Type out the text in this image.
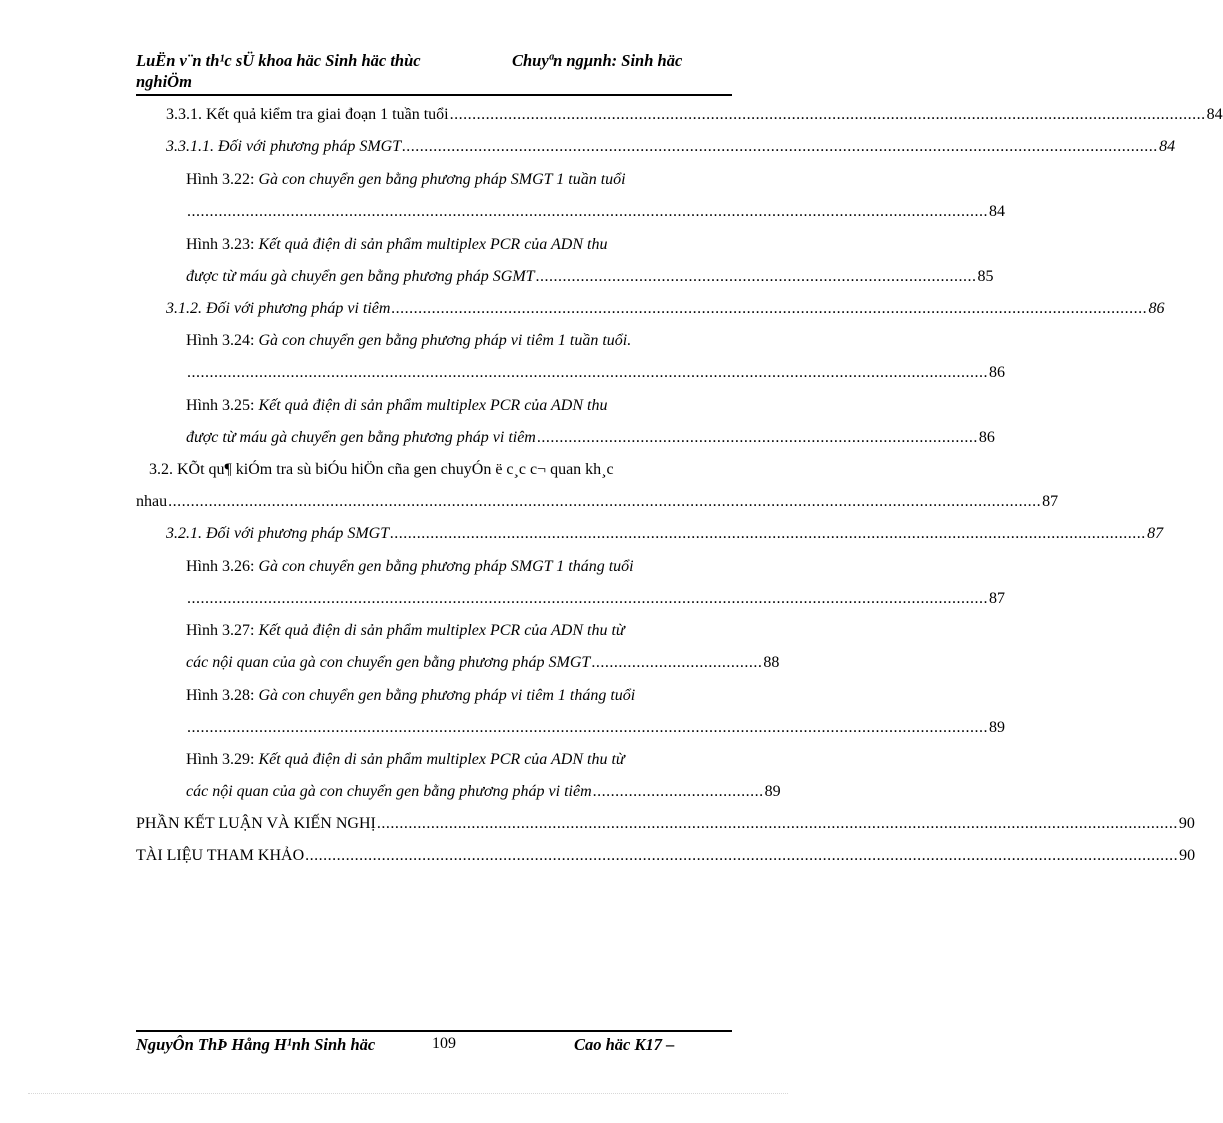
LuËn v¨n th¹c sÜ khoa häc Sinh häc thùc nghiÖm
Chuyªn ngµnh: Sinh häc
3.3.1. Kết quả kiểm tra giai đoạn 1 tuần tuổi ........................................................................................................................................................................ 84
3.3.1.1. Đối với phương pháp SMGT ........................................................................................................................................................................ 84
Hình 3.22: Gà con chuyển gen bằng phương pháp SMGT 1 tuần tuổi
.................................................................................................................................................................................. 84
Hình 3.23: Kết quả điện di sản phẩm multiplex PCR của ADN thu
được từ máu gà chuyển gen bằng phương pháp SGMT .................................................................................................. 85
3.1.2. Đối với phương pháp vi tiêm ........................................................................................................................................................................ 86
Hình 3.24: Gà con chuyển gen bằng phương pháp vi tiêm 1 tuần tuổi.
.................................................................................................................................................................................. 86
Hình 3.25: Kết quả điện di sản phẩm multiplex PCR của ADN thu
được từ máu gà chuyển gen bằng phương pháp vi tiêm .................................................................................................. 86
3.2. KÕt qu¶ kiÓm tra sù biÓu hiÖn cña gen chuyÓn ë c¸c c¬ quan kh¸c
nhau .................................................................................................................................................................................................. 87
3.2.1. Đối với phương pháp SMGT ........................................................................................................................................................................ 87
Hình 3.26: Gà con chuyển gen bằng phương pháp SMGT 1 tháng tuổi
.................................................................................................................................................................................. 87
Hình 3.27: Kết quả điện di sản phẩm multiplex PCR của ADN thu từ
các nội quan của gà con chuyển gen bằng phương pháp SMGT ...................................... 88
Hình 3.28: Gà con chuyển gen bằng phương pháp vi tiêm 1 tháng tuổi
.................................................................................................................................................................................. 89
Hình 3.29: Kết quả điện di sản phẩm multiplex PCR của ADN thu từ
các nội quan của gà con chuyển gen bằng phương pháp vi tiêm ...................................... 89
PHẦN KẾT LUẬN VÀ KIẾN NGHỊ .................................................................................................................................................................................. 90
TÀI LIỆU THAM KHẢO .................................................................................................................................................................................................. 90
NguyÔn ThÞ Hång H¹nh Sinh häc	109	Cao häc K17 –
